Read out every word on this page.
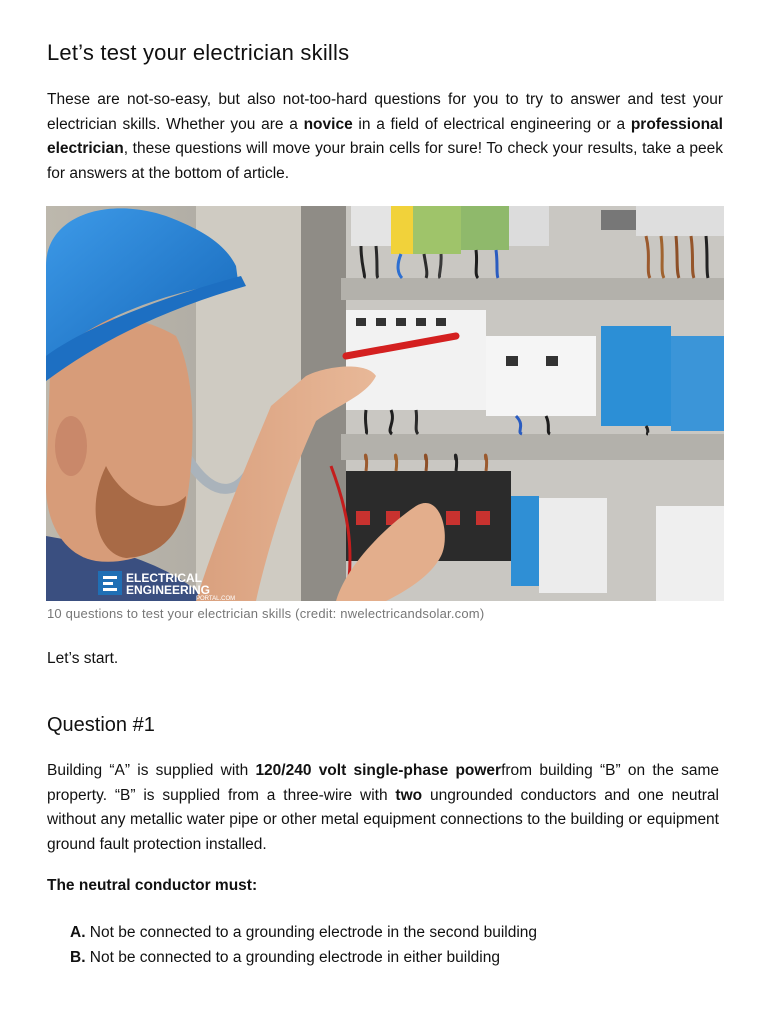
Let’s test your electrician skills

These are not-so-easy, but also not-too-hard questions for you to try to answer and test your electrician skills. Whether you are a novice in a field of electrical engineering or a professional electrician, these questions will move your brain cells for sure! To check your results, take a peek for answers at the bottom of article.

ELECTRICAL
ENGINEERING
PORTAL.COM

10 questions to test your electrician skills (credit: nwelectricandsolar.com)

Let’s start.

Question #1

Building “A” is supplied with 120/240 volt single-phase powerfrom building “B” on the same property. “B” is supplied from a three-wire with two ungrounded conductors and one neutral without any metallic water pipe or other metal equipment connections to the building or equipment ground fault protection installed.

The neutral conductor must:

A. Not be connected to a grounding electrode in the second building
B. Not be connected to a grounding electrode in either building
